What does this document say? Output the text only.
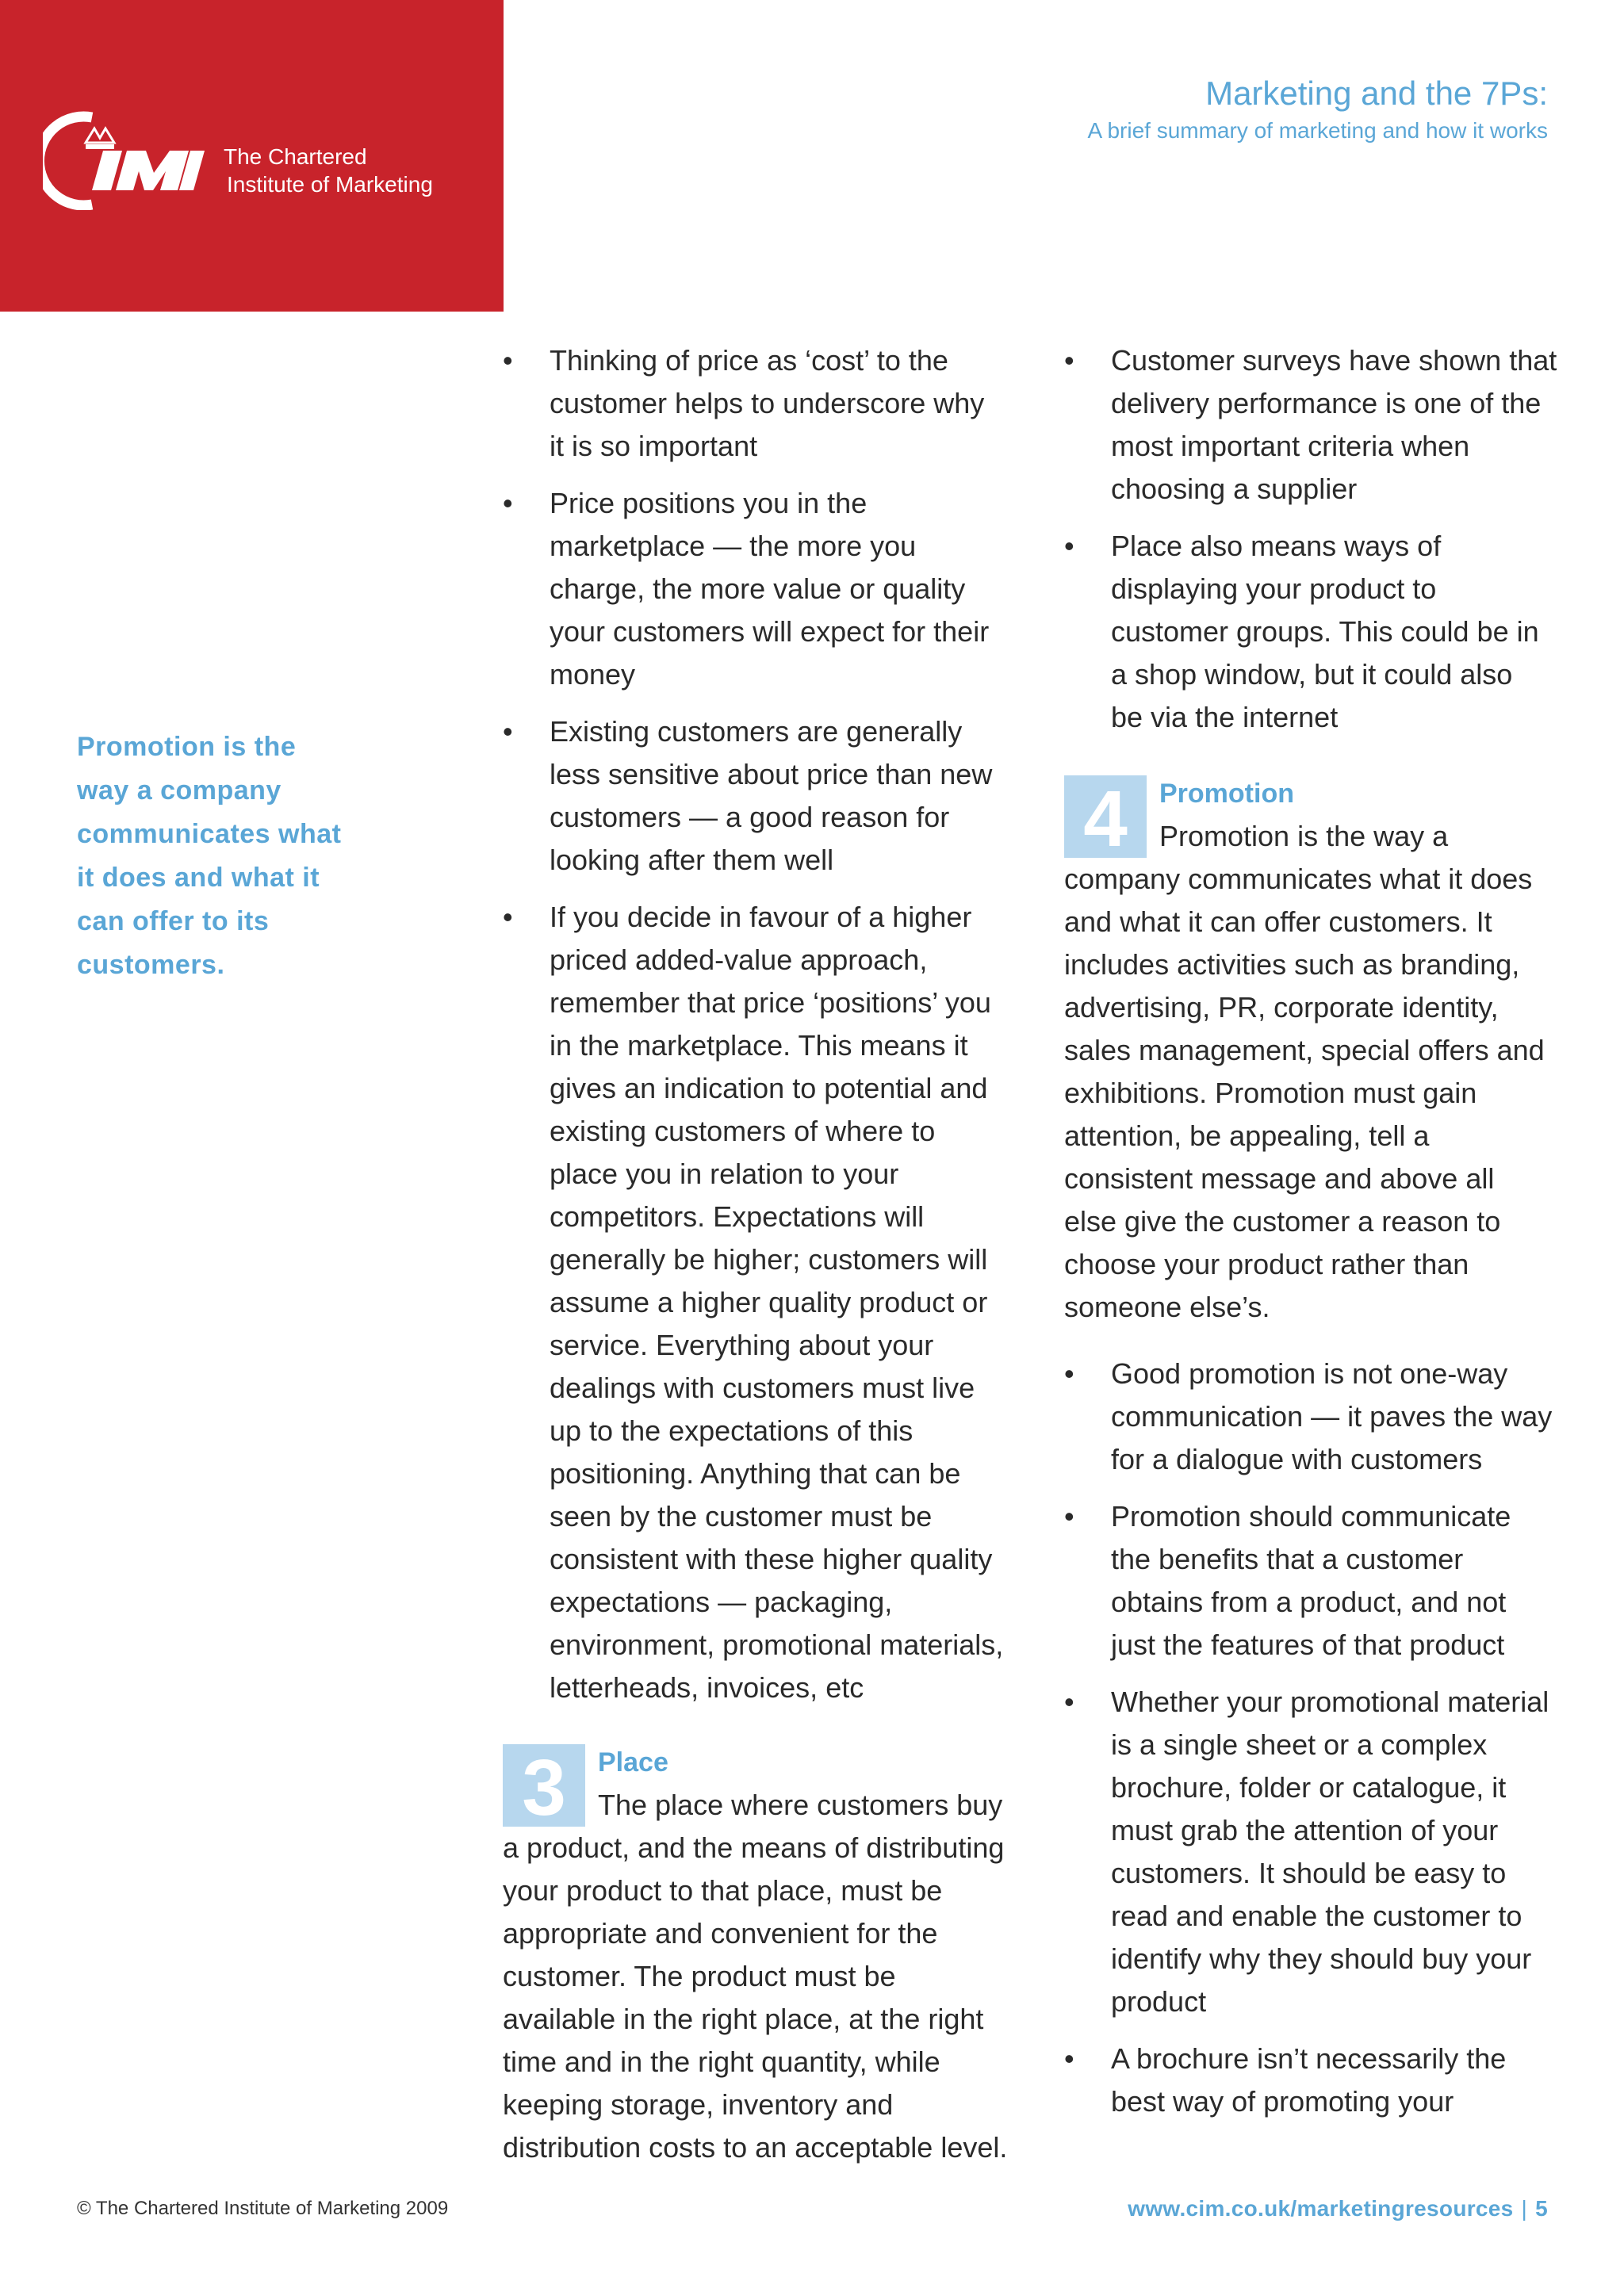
The Chartered
Institute of Marketing
Marketing and the 7Ps:
A brief summary of marketing and how it works
Promotion is the
way a company
communicates what
it does and what it
can offer to its
customers.
• Thinking of price as ‘cost’ to the
customer helps to underscore why
it is so important
• Price positions you in the
marketplace — the more you
charge, the more value or quality
your customers will expect for their
money
• Existing customers are generally
less sensitive about price than new
customers — a good reason for
looking after them well
• If you decide in favour of a higher
priced added-value approach,
remember that price ‘positions’ you
in the marketplace. This means it
gives an indication to potential and
existing customers of where to
place you in relation to your
competitors. Expectations will
generally be higher; customers will
assume a higher quality product or
service. Everything about your
dealings with customers must live
up to the expectations of this
positioning. Anything that can be
seen by the customer must be
consistent with these higher quality
expectations — packaging,
environment, promotional materials,
letterheads, invoices, etc
3	Place
The place where customers buy
a product, and the means of distributing
your product to that place, must be
appropriate and convenient for the
customer. The product must be
available in the right place, at the right
time and in the right quantity, while
keeping storage, inventory and
distribution costs to an acceptable level.
• Customer surveys have shown that
delivery performance is one of the
most important criteria when
choosing a supplier
• Place also means ways of
displaying your product to
customer groups. This could be in
a shop window, but it could also
be via the internet
4	Promotion
Promotion is the way a
company communicates what it does
and what it can offer customers. It
includes activities such as branding,
advertising, PR, corporate identity,
sales management, special offers and
exhibitions. Promotion must gain
attention, be appealing, tell a
consistent message and above all
else give the customer a reason to
choose your product rather than
someone else’s.
• Good promotion is not one-way
communication — it paves the way
for a dialogue with customers
• Promotion should communicate
the benefits that a customer
obtains from a product, and not
just the features of that product
• Whether your promotional material
is a single sheet or a complex
brochure, folder or catalogue, it
must grab the attention of your
customers. It should be easy to
read and enable the customer to
identify why they should buy your
product
• A brochure isn’t necessarily the
best way of promoting your
© The Chartered Institute of Marketing 2009	www.cim.co.uk/marketingresources | 5
